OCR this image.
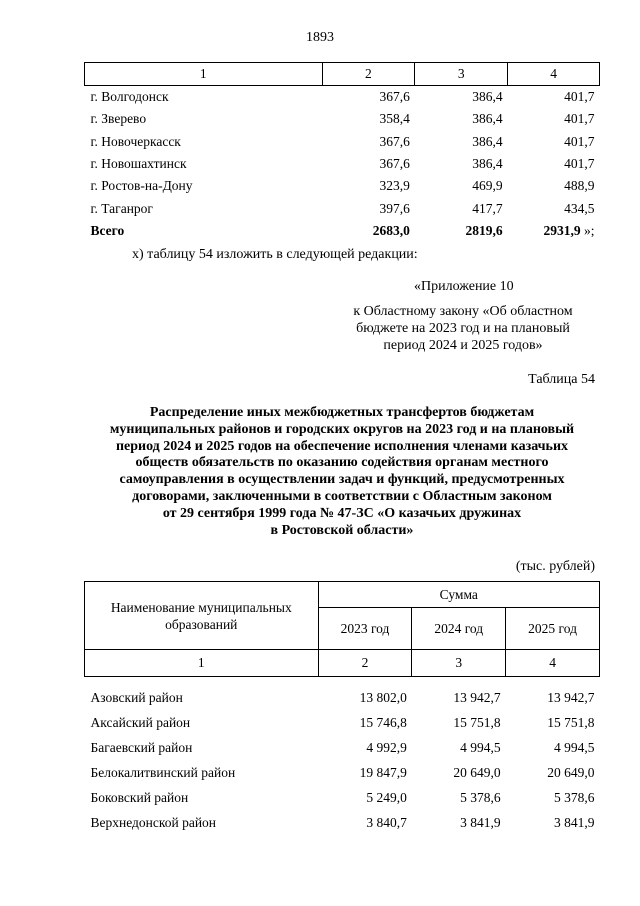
1893
1	2	3	4
г. Волгодонск	367,6	386,4	401,7
г. Зверево	358,4	386,4	401,7
г. Новочеркасск	367,6	386,4	401,7
г. Новошахтинск	367,6	386,4	401,7
г. Ростов-на-Дону	323,9	469,9	488,9
г. Таганрог	397,6	417,7	434,5
Всего	2683,0	2819,6	2931,9 »;
х) таблицу 54 изложить в следующей редакции:
«Приложение 10
к Областному закону «Об областном
бюджете на 2023 год и на плановый
период 2024 и 2025 годов»
Таблица 54
Распределение иных межбюджетных трансфертов бюджетам
муниципальных районов и городских округов на 2023 год и на плановый
период 2024 и 2025 годов на обеспечение исполнения членами казачьих
обществ обязательств по оказанию содействия органам местного
самоуправления в осуществлении задач и функций, предусмотренных
договорами, заключенными в соответствии с Областным законом
от 29 сентября 1999 года № 47-ЗС «О казачьих дружинах
в Ростовской области»
(тыс. рублей)
Наименование муниципальных
образований	Сумма		
	2023 год	2024 год	2025 год
1	2	3	4
Азовский район	13 802,0	13 942,7	13 942,7
Аксайский район	15 746,8	15 751,8	15 751,8
Багаевский район	4 992,9	4 994,5	4 994,5
Белокалитвинский район	19 847,9	20 649,0	20 649,0
Боковский район	5 249,0	5 378,6	5 378,6
Верхнедонской район	3 840,7	3 841,9	3 841,9
